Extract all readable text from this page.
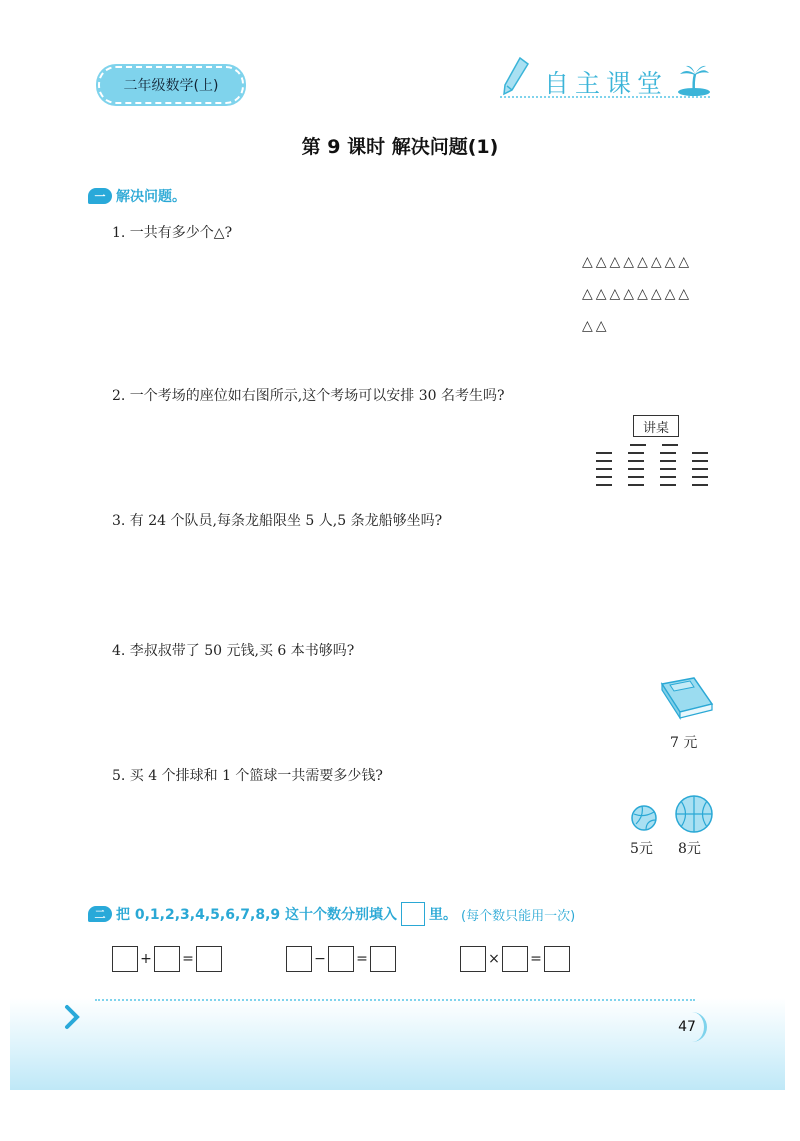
二年级数学(上)	自主课堂
第 9 课时 解决问题(1)
一 解决问题。
1. 一共有多少个△?
△△△△△△△△
△△△△△△△△
△△
2. 一个考场的座位如右图所示,这个考场可以安排 30 名考生吗?
讲桌
3. 有 24 个队员,每条龙船限坐 5 人,5 条龙船够坐吗?
4. 李叔叔带了 50 元钱,买 6 本书够吗?
7 元
5. 买 4 个排球和 1 个篮球一共需要多少钱?
5元 8元
二 把 0,1,2,3,4,5,6,7,8,9 这十个数分别填入 里。 (每个数只能用一次)
+ =	− =	× =
47
